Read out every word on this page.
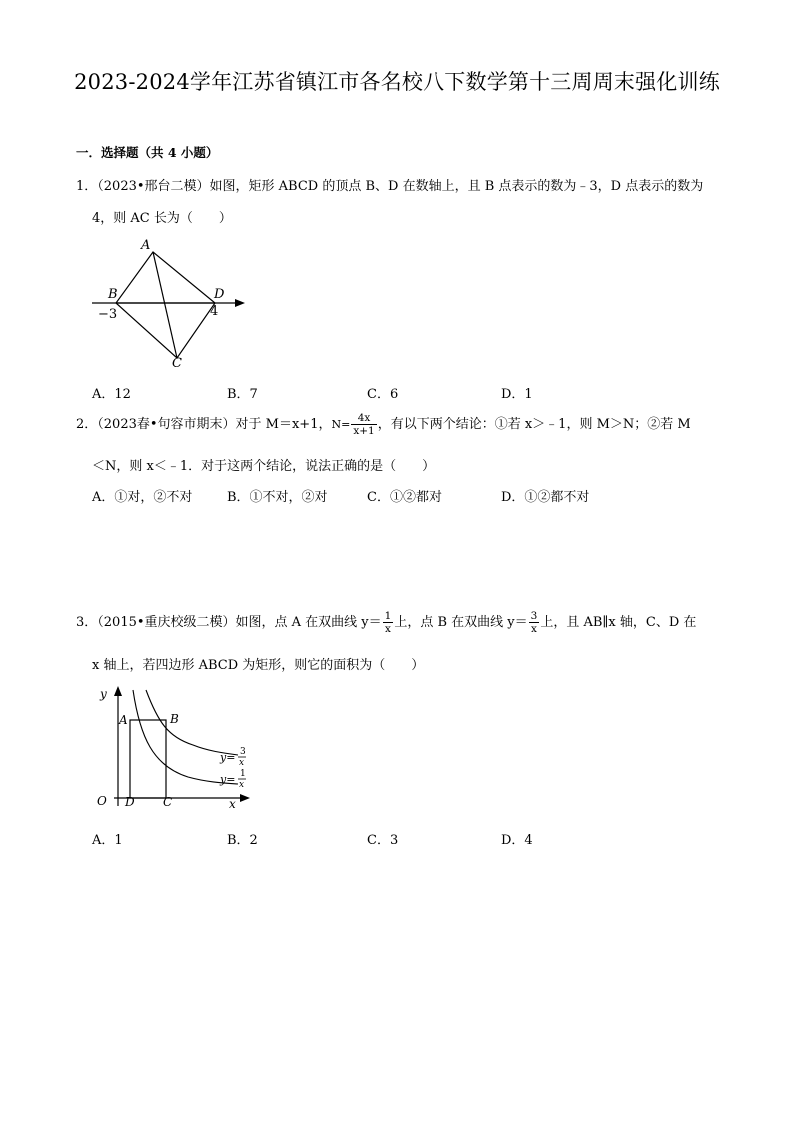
2023-2024学年江苏省镇江市各名校八下数学第十三周周末强化训练
一．选择题（共 4 小题）
1．（2023•邢台二模）如图，矩形 ABCD 的顶点 B、D 在数轴上，且 B 点表示的数为﹣3，D 点表示的数为
4，则 AC 长为（　　）
A
B	D
C
−3	4
A．12	B．7	C．6	D．1
2．（2023春•句容市期末）对于 M＝x+1，$N= \frac{4x}{x+1}$ ，有以下两个结论：①若 x＞﹣1，则 M＞N；②若 M
＜N，则 x＜﹣1．对于这两个结论，说法正确的是（　　）
A．①对，②不对	B．①不对，②对	C．①②都对	D．①②都不对
3．（2015•重庆校级二模）如图，点 A 在双曲线 $y= \frac{1}{x}$ 上，点 B 在双曲线 $y= \frac{3}{x}$ 上，且 AB∥x 轴，C、D 在
x 轴上，若四边形 ABCD 为矩形，则它的面积为（　　）
y
x
O
A	B
D C
y= 3
x
y= 1
x
A．1	B．2	C．3	D．4
